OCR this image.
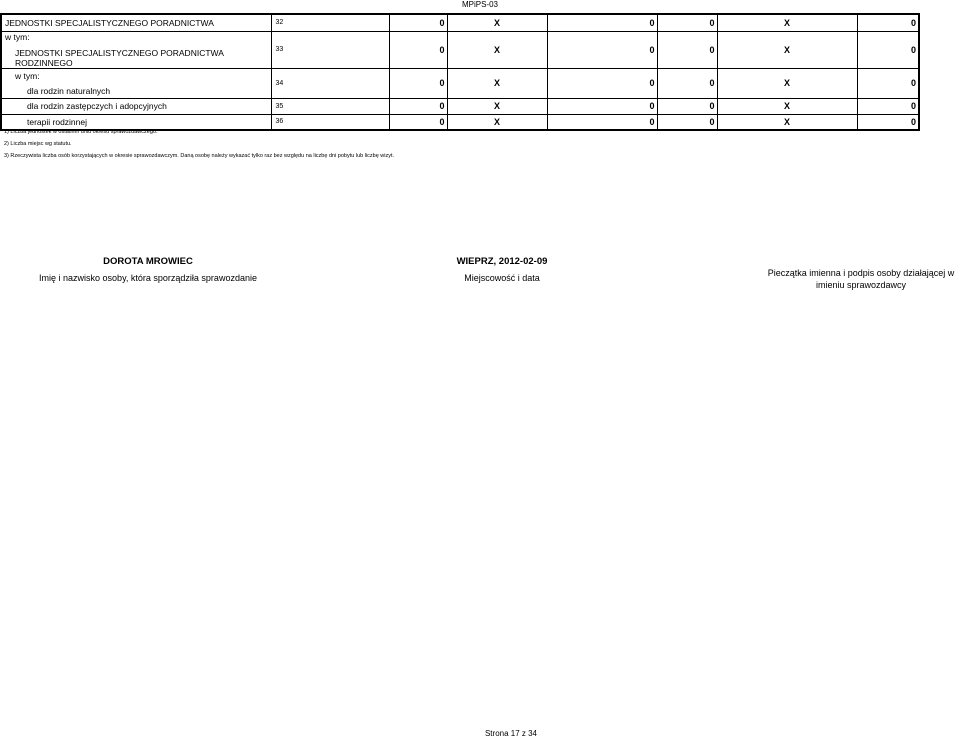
MPiPS-03
JEDNOSTKI SPECJALISTYCZNEGO PORADNICTWA	32	0	X	0	0	X	0
w tym:
JEDNOSTKI SPECJALISTYCZNEGO PORADNICTWA RODZINNEGO	33	0	X	0	0	X	0

w tym:
dla rodzin naturalnych	34	0	X	0	0	X	0

dla rodzin zastępczych i adopcyjnych	35	0	X	0	0	X	0

terapii rodzinnej	36	0	X	0	0	X	0
1) Liczba jednostek w ostatnim dniu okresu sprawozdawczego.
2) Liczba miejsc wg statutu.
3) Rzeczywista liczba osób korzystających w okresie sprawozdawczym. Daną osobę należy wykazać tylko raz bez względu na liczbę dni pobytu lub liczbę wizyt.
DOROTA MROWIEC
Imię i nazwisko osoby, która sporządziła sprawozdanie
WIEPRZ, 2012-02-09
Miejscowość i data	Pieczątka imienna i podpis osoby działającej w imieniu sprawozdawcy
Strona 17 z 34
